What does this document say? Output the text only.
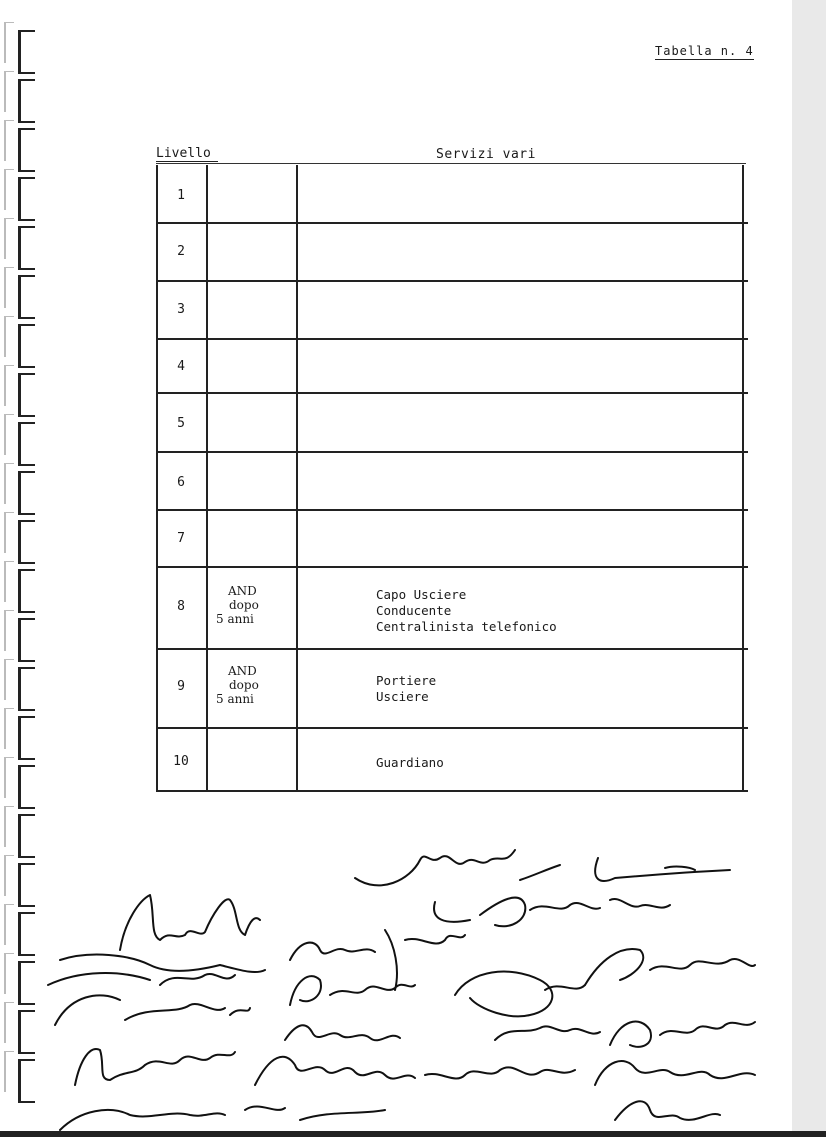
Tabella n. 4
Livello	Servizi vari
1
2
3
4
5
6
7
8
AND
dopo
5 anni
Capo Usciere
Conducente
Centralinista telefonico
9
AND
dopo
5 anni
Portiere
Usciere
10	Guardiano
